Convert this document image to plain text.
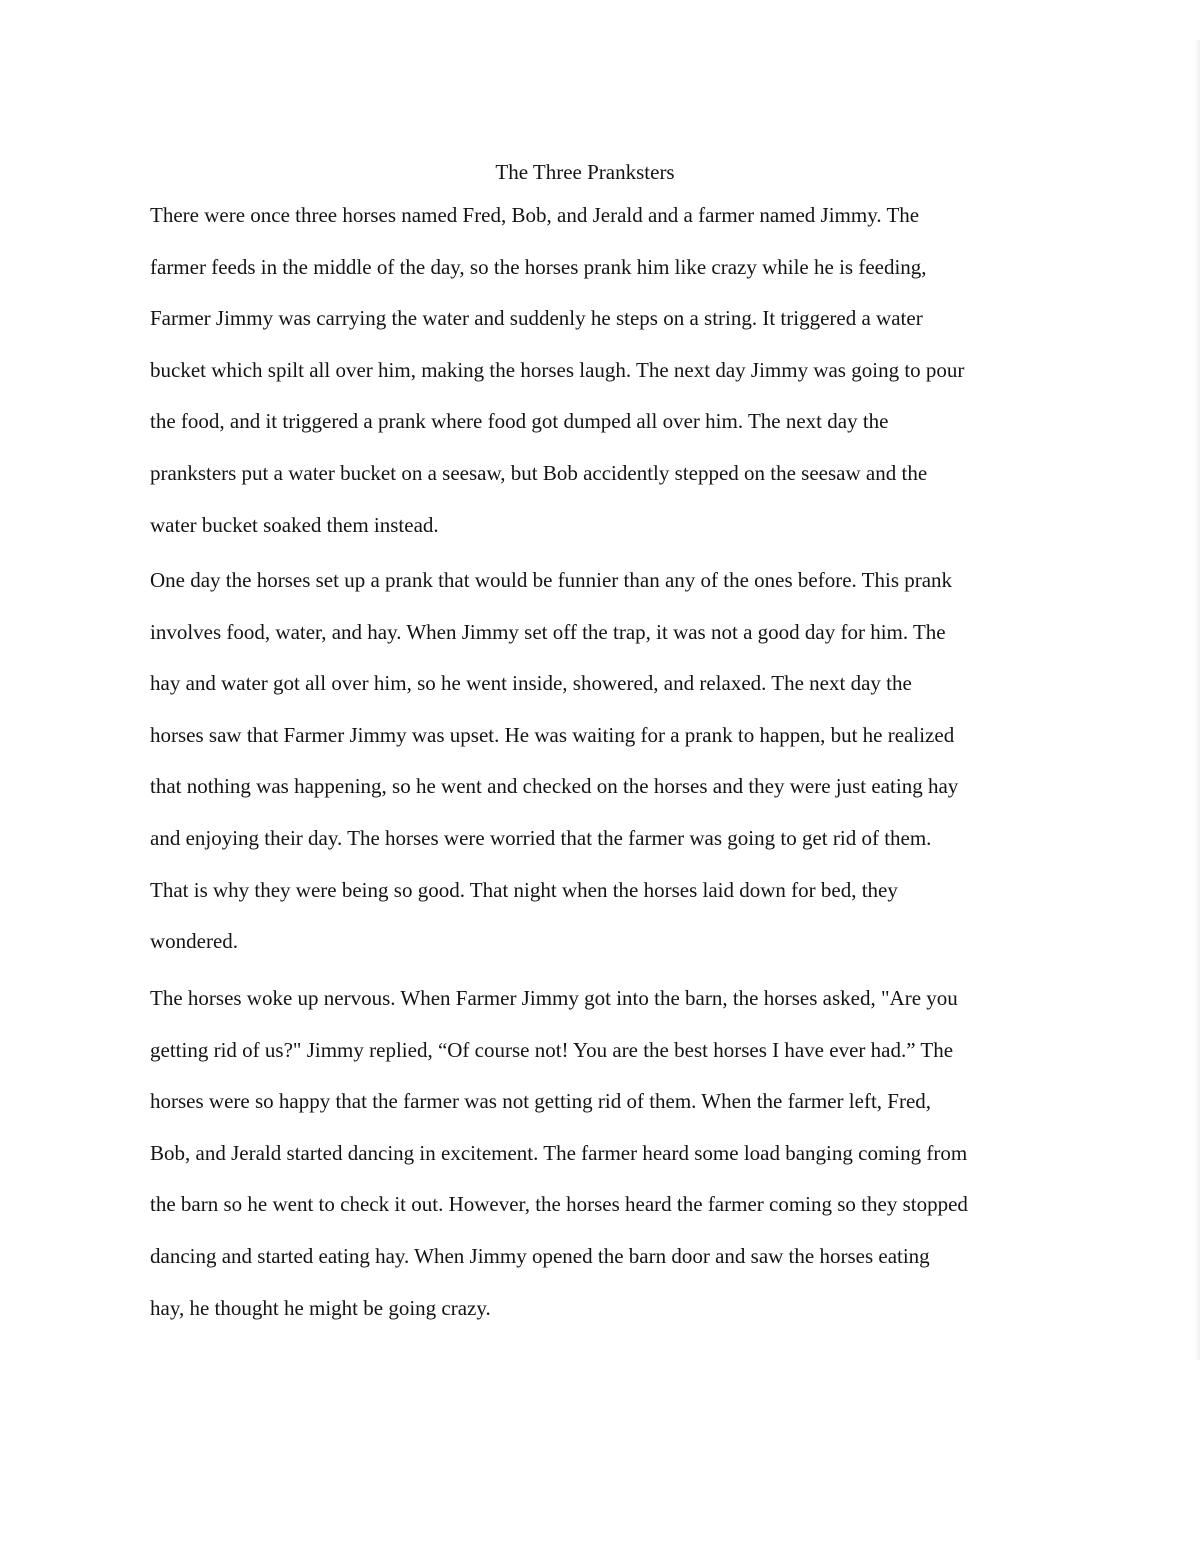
The Three Pranksters
There were once three horses named Fred, Bob, and Jerald and a farmer named Jimmy. The
farmer feeds in the middle of the day, so the horses prank him like crazy while he is feeding,
Farmer Jimmy was carrying the water and suddenly he steps on a string. It triggered a water
bucket which spilt all over him, making the horses laugh. The next day Jimmy was going to pour
the food, and it triggered a prank where food got dumped all over him. The next day the
pranksters put a water bucket on a seesaw, but Bob accidently stepped on the seesaw and the
water bucket soaked them instead.
One day the horses set up a prank that would be funnier than any of the ones before. This prank
involves food, water, and hay. When Jimmy set off the trap, it was not a good day for him. The
hay and water got all over him, so he went inside, showered, and relaxed. The next day the
horses saw that Farmer Jimmy was upset. He was waiting for a prank to happen, but he realized
that nothing was happening, so he went and checked on the horses and they were just eating hay
and enjoying their day. The horses were worried that the farmer was going to get rid of them.
That is why they were being so good. That night when the horses laid down for bed, they
wondered.
The horses woke up nervous. When Farmer Jimmy got into the barn, the horses asked, "Are you
getting rid of us?" Jimmy replied, “Of course not! You are the best horses I have ever had.” The
horses were so happy that the farmer was not getting rid of them. When the farmer left, Fred,
Bob, and Jerald started dancing in excitement. The farmer heard some load banging coming from
the barn so he went to check it out. However, the horses heard the farmer coming so they stopped
dancing and started eating hay. When Jimmy opened the barn door and saw the horses eating
hay, he thought he might be going crazy.
